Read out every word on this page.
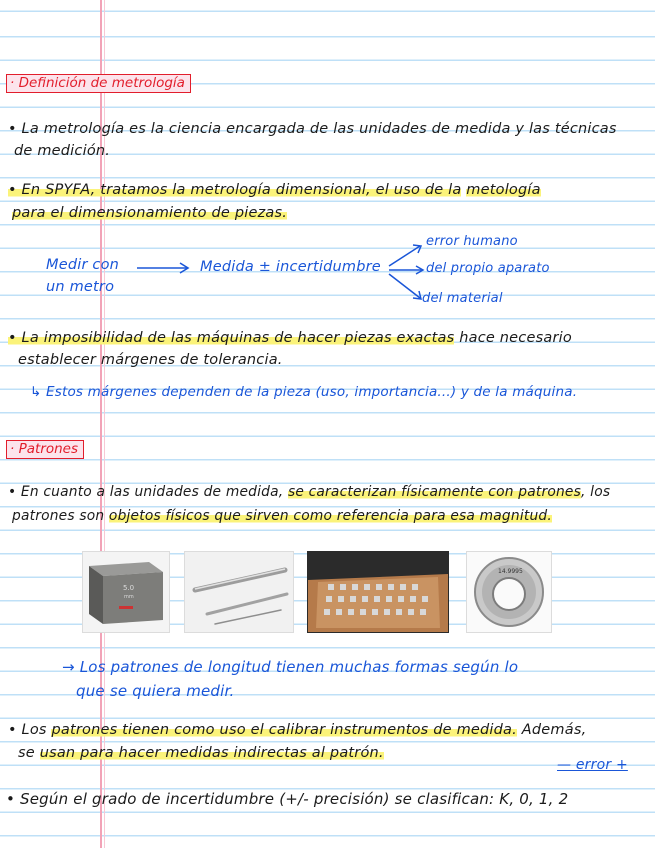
· Definición de metrología
• La metrología es la ciencia encargada de las unidades de medida y las técnicas
de medición.
• En SPYFA, tratamos la metrología dimensional, el uso de la metología
para el dimensionamiento de piezas.
Medir con
un metro
Medida ± incertidumbre
error humano
del propio aparato
del material
• La imposibilidad de las máquinas de hacer piezas exactas hace necesario
establecer márgenes de tolerancia.
↳ Estos márgenes dependen de la pieza (uso, importancia...) y de la máquina.
· Patrones
• En cuanto a las unidades de medida, se caracterizan físicamente con patrones, los
patrones son objetos físicos que sirven como referencia para esa magnitud.
5.0
mm
14.9995
→ Los patrones de longitud tienen muchas formas según lo
que se quiera medir.
• Los patrones tienen como uso el calibrar instrumentos de medida. Además,
se usan para hacer medidas indirectas al patrón.
— error +
• Según el grado de incertidumbre (+/- precisión) se clasifican: K, 0, 1, 2
